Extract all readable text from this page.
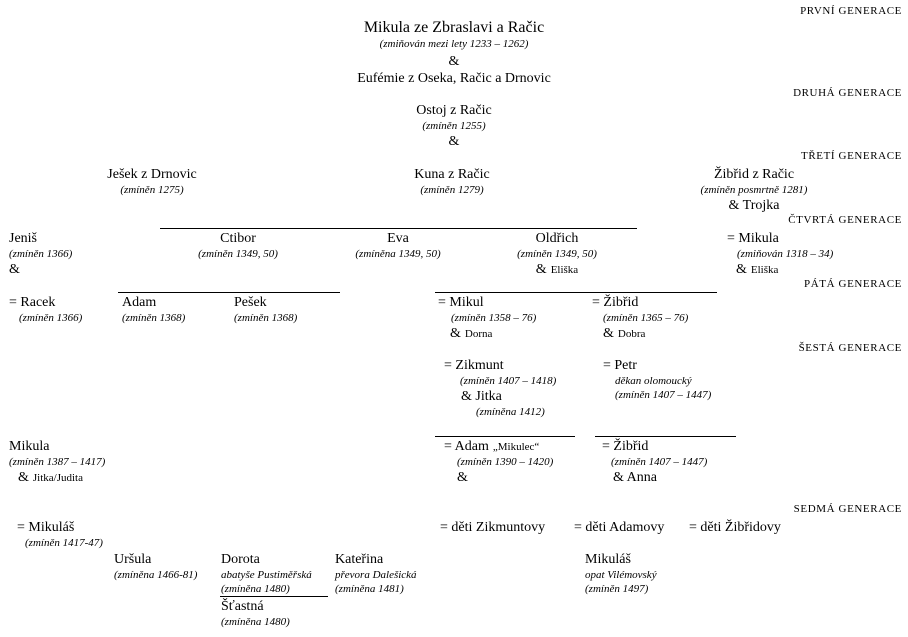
PRVNÍ GENERACE
DRUHÁ GENERACE
TŘETÍ GENERACE
ČTVRTÁ GENERACE
PÁTÁ GENERACE
ŠESTÁ GENERACE
SEDMÁ GENERACE
Mikula ze Zbraslavi a Račic
(zmiňován mezi lety 1233 – 1262)
&
Eufémie z Oseka, Račic a Drnovic
Ostoj z Račic
(zmíněn 1255)
&
Ješek z Drnovic
(zmíněn 1275)
Kuna z Račic
(zmíněn 1279)
Žibřid z Račic
(zmíněn posmrtně 1281)
& Trojka
Jeniš
(zmíněn 1366)
&
Ctibor
(zmíněn 1349, 50)
Eva
(zmíněna 1349, 50)
Oldřich
(zmíněn 1349, 50)
& Eliška
= Mikula
(zmiňován 1318 – 34)
& Eliška
= Racek
(zmíněn 1366)
Adam
(zmíněn 1368)
Pešek
(zmíněn 1368)
= Mikul
(zmíněn 1358 – 76)
& Dorna
= Žibřid
(zmíněn 1365 – 76)
& Dobra
= Zikmunt
(zmíněn 1407 – 1418)
& Jitka
(zmíněna 1412)
= Petr
děkan olomoucký
(zmíněn 1407 – 1447)
Mikula
(zmíněn 1387 – 1417)
& Jitka/Judita
= Adam „Mikulec“
(zmíněn 1390 – 1420)
&
= Žibřid
(zmíněn 1407 – 1447)
& Anna
= Mikuláš
(zmíněn 1417-47)
= děti Zikmuntovy = děti Adamovy = děti Žibřidovy
Uršula
(zmíněna 1466-81)
Dorota
abatyše Pustiměřská
(zmíněna 1480)
Kateřina
převora Dalešická
(zmíněna 1481)
Šťastná
(zmíněna 1480)
Mikuláš
opat Vilémovský
(zmíněn 1497)
